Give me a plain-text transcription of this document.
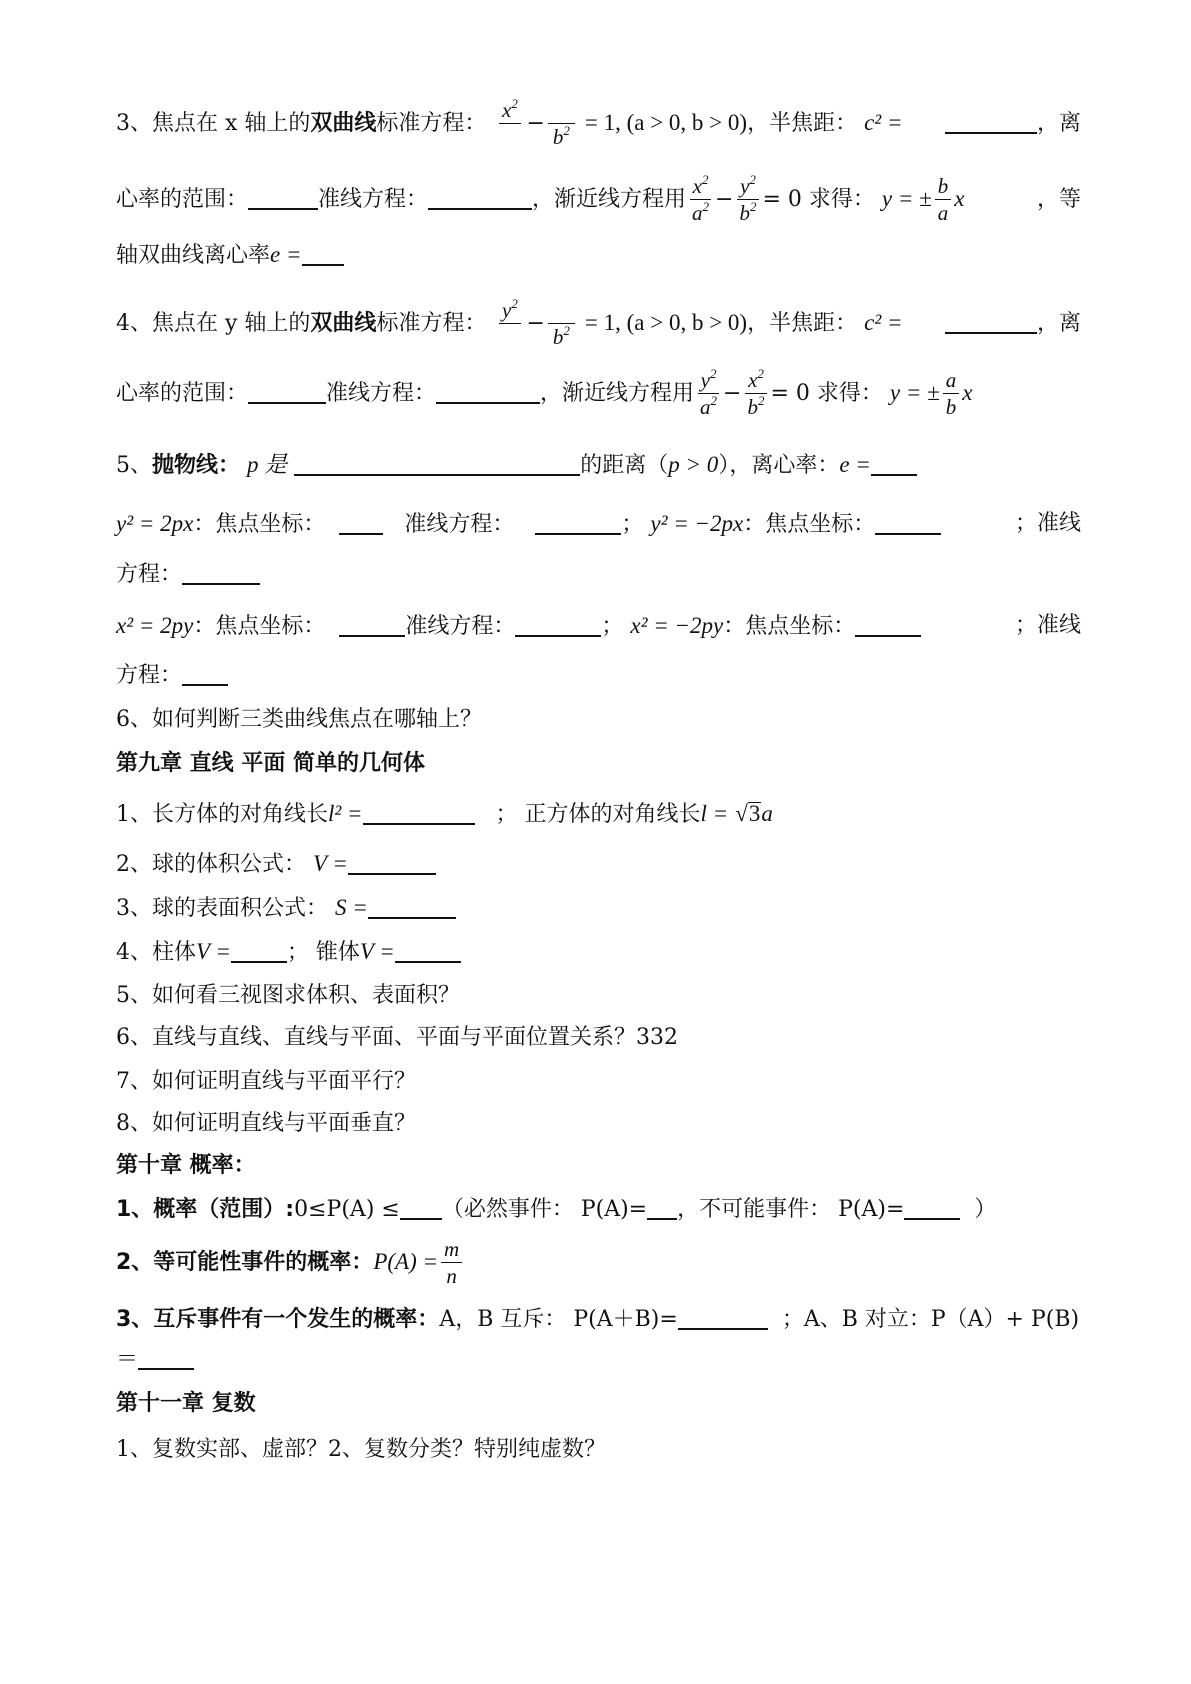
3、焦点在 x 轴上的双曲线标准方程：
$x^2$

−

$b^2 = 1$, (a > 0, b > 0)，半焦距： c² =	，离
心率的范围：	准线方程：	，渐近线方程用 $\frac{x^2}{a^2} - \frac{y^2}{b^2} = 0$ 求得： y = ± $\frac{b}{a}$ x	，等
轴双曲线离心率e =
4、焦点在 y 轴上的双曲线标准方程：
$y^2$

−

$b^2 = 1$, (a > 0, b > 0)，半焦距： c² =	，离
心率的范围：	准线方程：	，渐近线方程用 $\frac{y^2}{a^2} - \frac{x^2}{b^2} = 0$ 求得： y = ± $\frac{a}{b}$ x
5、抛物线： p 是	的距离（p > 0），离心率：e =
y² = 2px：焦点坐标：	准线方程：	； y² = −2px：焦点坐标：	；准线
方程：
x² = 2py：焦点坐标：	准线方程：	； x² = −2py：焦点坐标：	；准线
方程：
6、如何判断三类曲线焦点在哪轴上？
第九章 直线 平面 简单的几何体
1、长方体的对角线长l² =	； 正方体的对角线长l = √3a
2、球的体积公式： V =
3、球的表面积公式： S =
4、柱体V =	； 锥体V =
5、如何看三视图求体积、表面积？
6、直线与直线、直线与平面、平面与平面位置关系？332
7、如何证明直线与平面平行？
8、如何证明直线与平面垂直？
第十章 概率：
1、概率（范围）:0≤P(A) ≤ （必然事件： P(A)= ，不可能事件： P(A)=	）
2、等可能性事件的概率：$P(A) = \frac{m}{n}$
3、互斥事件有一个发生的概率：A，B 互斥： P(A＋B)=	；A、B 对立：P（A）+ P(B)
＝
第十一章 复数
1、复数实部、虚部？2、复数分类？特别纯虚数？
